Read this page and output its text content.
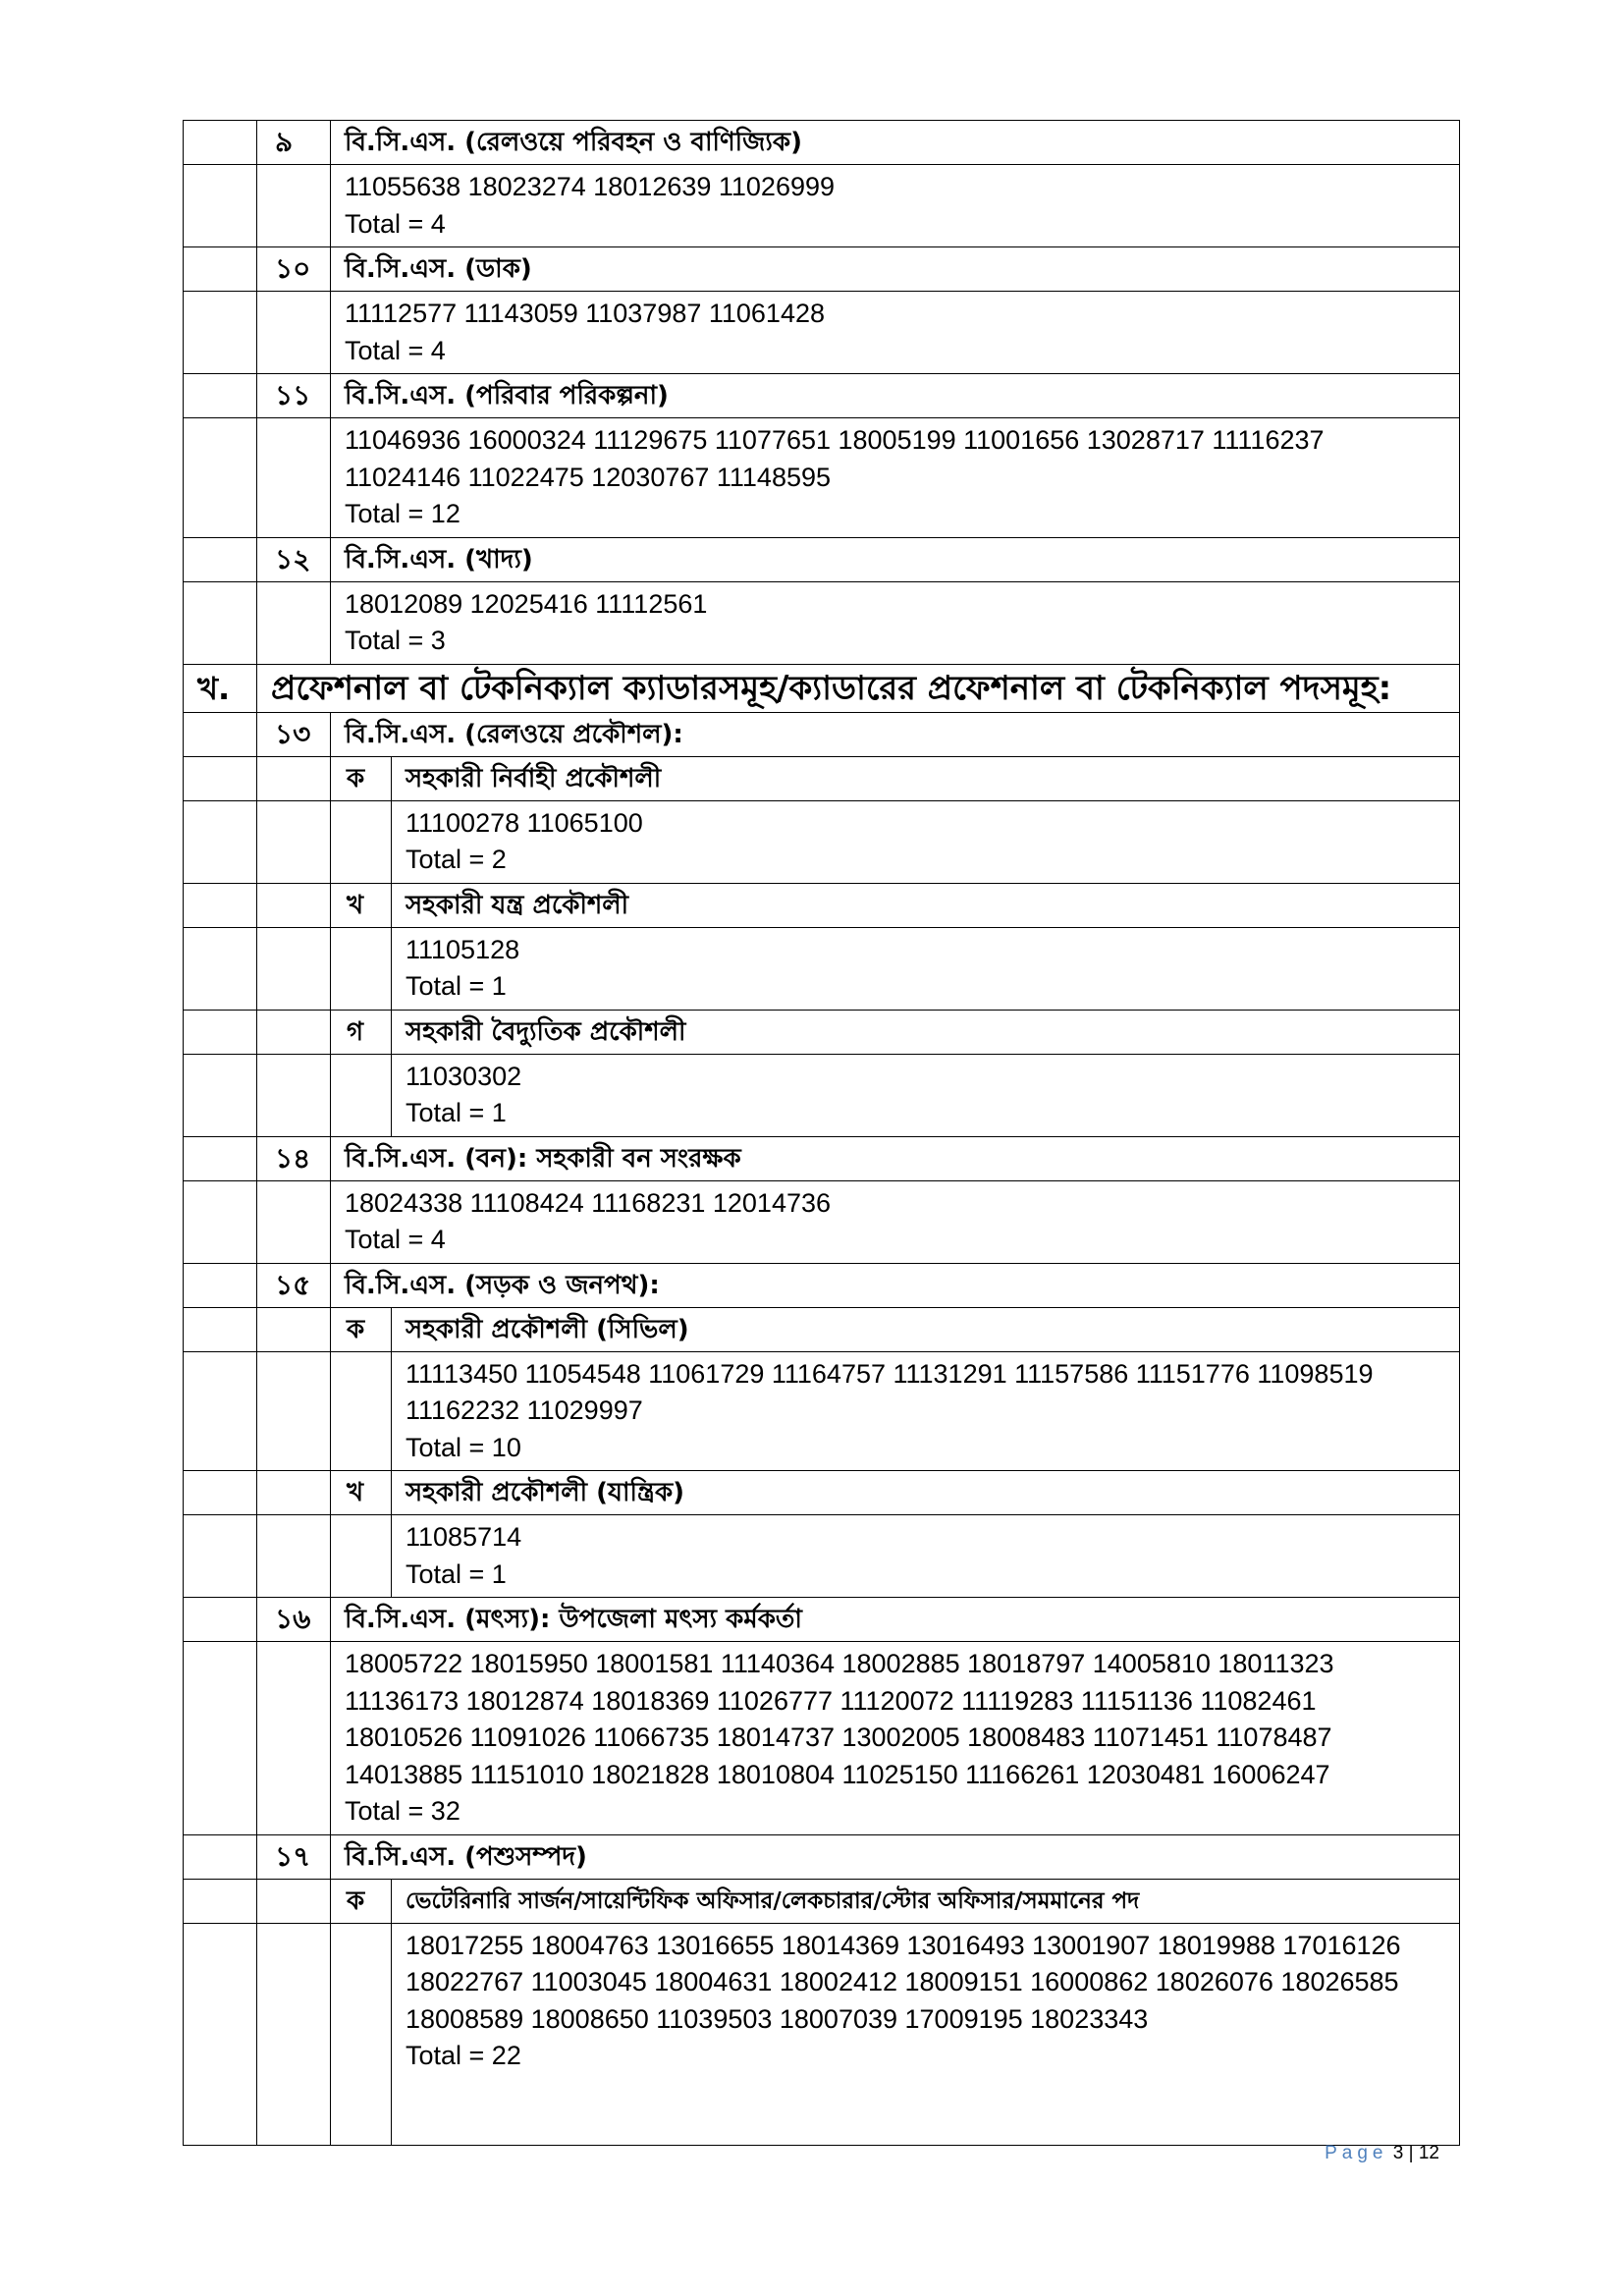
	৯	বি.সি.এস. (রেলওয়ে পরিবহন ও বাণিজ্যিক)	

		11055638 18023274 18012639 11026999
Total = 4	

	১০	বি.সি.এস. (ডাক)	

		11112577 11143059 11037987 11061428
Total = 4	

	১১	বি.সি.এস. (পরিবার পরিকল্পনা)	

		11046936 16000324 11129675 11077651 18005199 11001656 13028717 11116237
11024146 11022475 12030767 11148595
Total = 12	

	১২	বি.সি.এস. (খাদ্য)	

		18012089 12025416 11112561
Total = 3	

খ.	প্রফেশনাল বা টেকনিক্যাল ক্যাডারসমূহ/ক্যাডারের প্রফেশনাল বা টেকনিক্যাল পদসমূহ:		
	১৩	বি.সি.এস. (রেলওয়ে প্রকৌশল):	
		ক	সহকারী নির্বাহী প্রকৌশলী

			11100278 11065100
Total = 2

		খ	সহকারী যন্ত্র প্রকৌশলী

			11105128
Total = 1

		গ	সহকারী বৈদ্যুতিক প্রকৌশলী

			11030302
Total = 1

	১৪	বি.সি.এস. (বন): সহকারী বন সংরক্ষক	

		18024338 11108424 11168231 12014736
Total = 4	

	১৫	বি.সি.এস. (সড়ক ও জনপথ):	
		ক	সহকারী প্রকৌশলী (সিভিল)

			11113450 11054548 11061729 11164757 11131291 11157586 11151776 11098519
11162232 11029997
Total = 10

		খ	সহকারী প্রকৌশলী (যান্ত্রিক)

			11085714
Total = 1

	১৬	বি.সি.এস. (মৎস্য): উপজেলা মৎস্য কর্মকর্তা	

		18005722 18015950 18001581 11140364 18002885 18018797 14005810 18011323
11136173 18012874 18018369 11026777 11120072 11119283 11151136 11082461
18010526 11091026 11066735 18014737 13002005 18008483 11071451 11078487
14013885 11151010 18021828 18010804 11025150 11166261 12030481 16006247
Total = 32	

	১৭	বি.সি.এস. (পশুসম্পদ)	
		ক	ভেটেরিনারি সার্জন/সায়েন্টিফিক অফিসার/লেকচারার/স্টোর অফিসার/সমমানের পদ

			18017255 18004763 13016655 18014369 13016493 13001907 18019988 17016126
18022767 11003045 18004631 18002412 18009151 16000862 18026076 18026585
18008589 18008650 11039503 18007039 17009195 18023343
Total = 22
Page 3 | 12
